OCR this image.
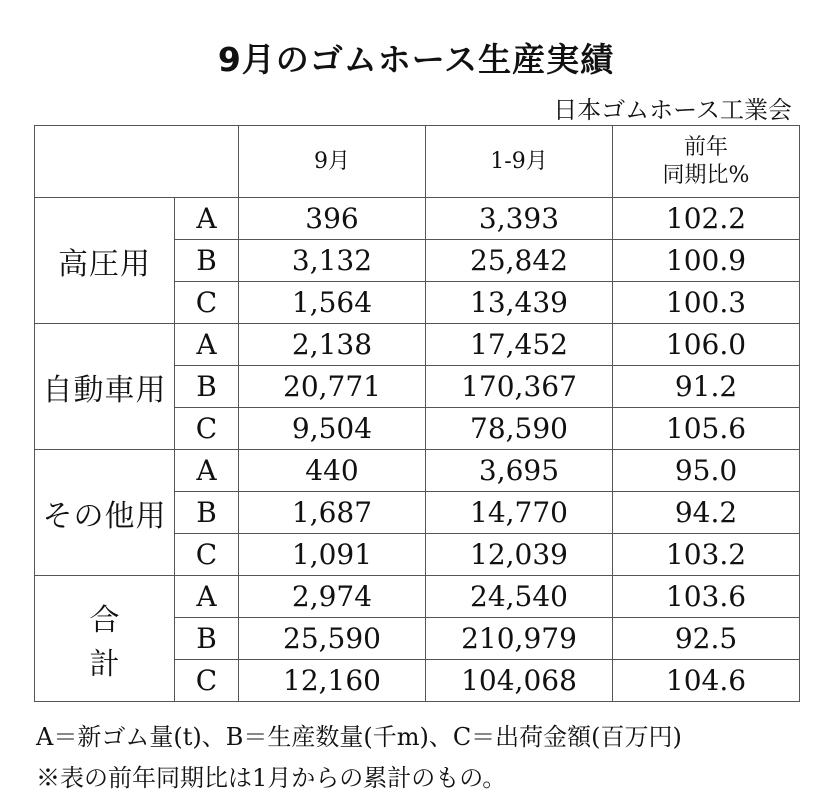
9月のゴムホース生産実績
日本ゴムホース工業会
		9月	1-9月	前年
同期比%
高圧用	A	396	3,393	102.2
	B	3,132	25,842	100.9
	C	1,564	13,439	100.3
自動車用	A	2,138	17,452	106.0
	B	20,771	170,367	91.2
	C	9,504	78,590	105.6
その他用	A	440	3,695	95.0
	B	1,687	14,770	94.2
	C	1,091	12,039	103.2
合計	A	2,974	24,540	103.6
	B	25,590	210,979	92.5
	C	12,160	104,068	104.6
A＝新ゴム量(t)、B＝生産数量(千m)、C＝出荷金額(百万円)
※表の前年同期比は1月からの累計のもの。
